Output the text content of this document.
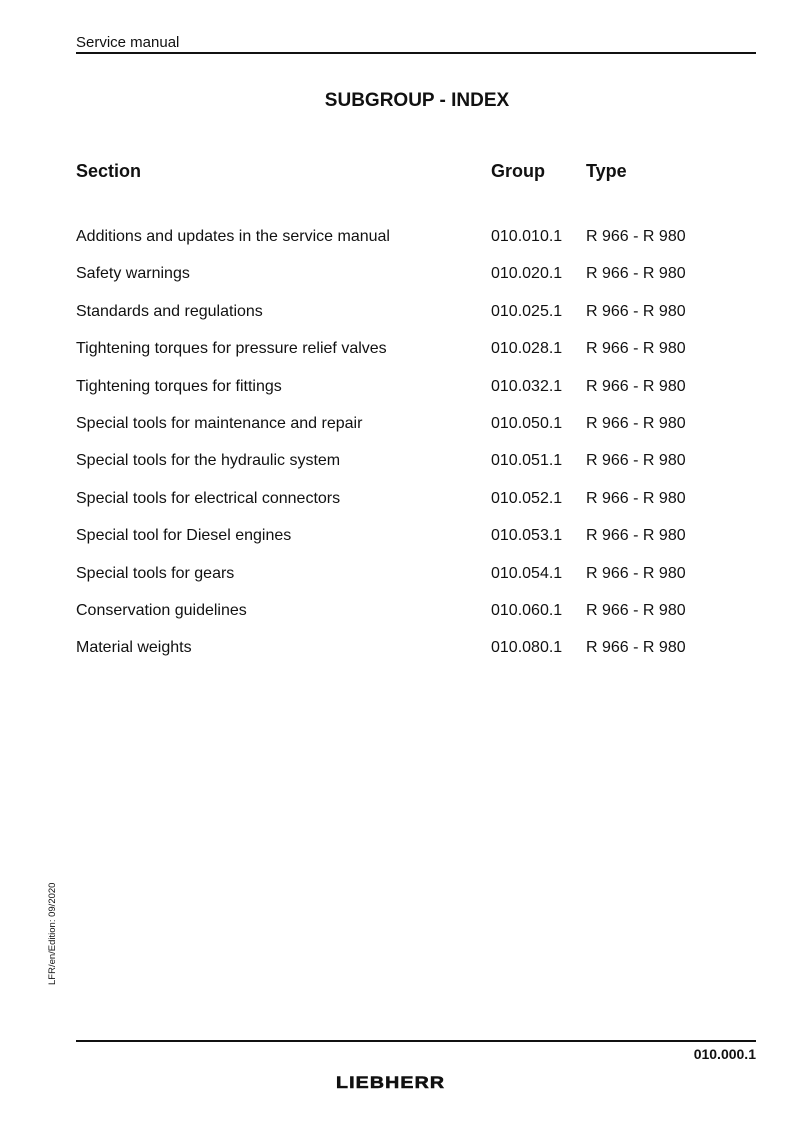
Service manual
SUBGROUP - INDEX
Section	Group Type
Additions and updates in the service manual	010.010.1 R 966 - R 980
Safety warnings	010.020.1 R 966 - R 980
Standards and regulations	010.025.1 R 966 - R 980
Tightening torques for pressure relief valves	010.028.1 R 966 - R 980
Tightening torques for fittings	010.032.1 R 966 - R 980
Special tools for maintenance and repair	010.050.1 R 966 - R 980
Special tools for the hydraulic system	010.051.1 R 966 - R 980
Special tools for electrical connectors	010.052.1 R 966 - R 980
Special tool for Diesel engines	010.053.1 R 966 - R 980
Special tools for gears	010.054.1 R 966 - R 980
Conservation guidelines	010.060.1 R 966 - R 980
Material weights	010.080.1 R 966 - R 980
LFR/en/Edition: 09/2020
010.000.1
LIEBHERR
